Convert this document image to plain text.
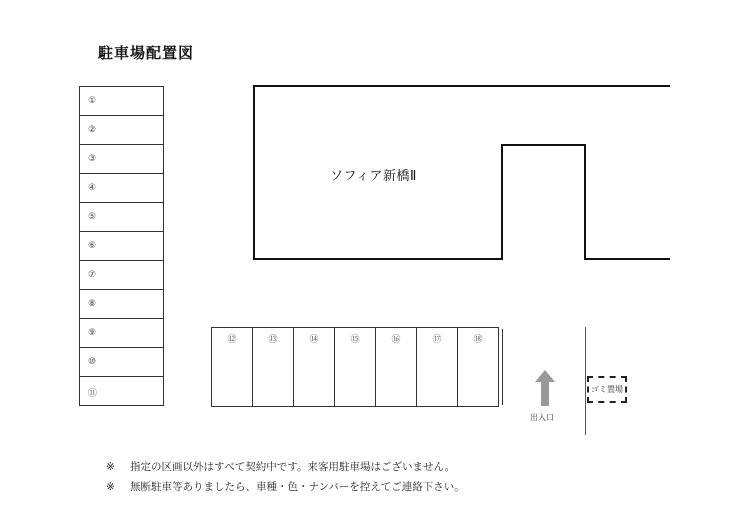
駐車場配置図
①
②
③
④
⑤
⑥
⑦
⑧
⑨
⑩
⑪
ソフィア新橋Ⅱ
⑫	⑬	⑭	⑮	⑯	⑰	⑱
出入口
ゴミ置場
※ 指定の区画以外はすべて契約中です。来客用駐車場はございません。
※ 無断駐車等ありましたら、車種・色・ナンバーを控えてご連絡下さい。
